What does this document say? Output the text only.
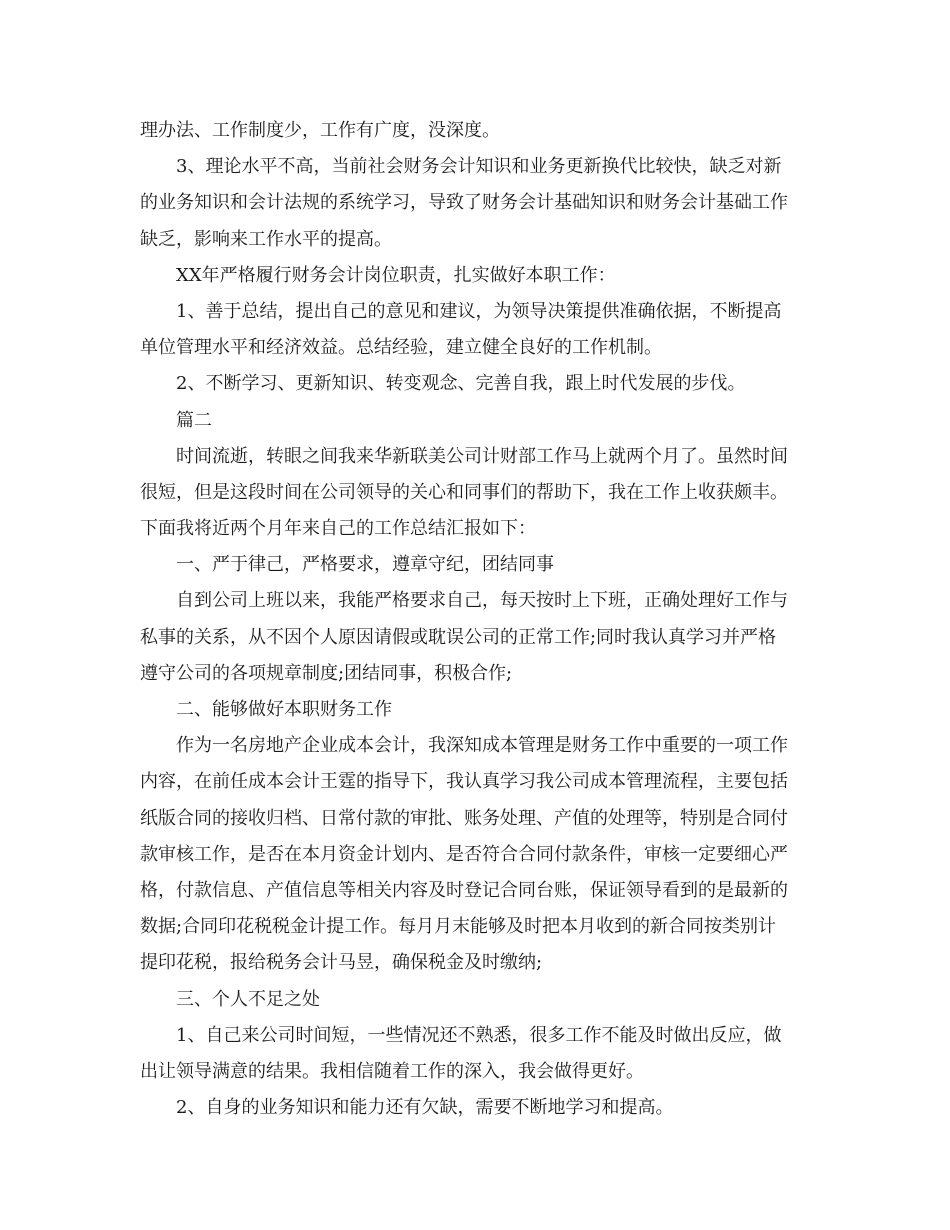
理办法、工作制度少，工作有广度，没深度。
3、理论水平不高，当前社会财务会计知识和业务更新换代比较快，缺乏对新
的业务知识和会计法规的系统学习，导致了财务会计基础知识和财务会计基础工作
缺乏，影响来工作水平的提高。
XX年严格履行财务会计岗位职责，扎实做好本职工作：
1、善于总结，提出自己的意见和建议，为领导决策提供准确依据，不断提高
单位管理水平和经济效益。总结经验，建立健全良好的工作机制。
2、不断学习、更新知识、转变观念、完善自我，跟上时代发展的步伐。
篇二
时间流逝，转眼之间我来华新联美公司计财部工作马上就两个月了。虽然时间
很短，但是这段时间在公司领导的关心和同事们的帮助下，我在工作上收获颇丰。
下面我将近两个月年来自己的工作总结汇报如下：
一、严于律己，严格要求，遵章守纪，团结同事
自到公司上班以来，我能严格要求自己，每天按时上下班，正确处理好工作与
私事的关系，从不因个人原因请假或耽误公司的正常工作;同时我认真学习并严格
遵守公司的各项规章制度;团结同事，积极合作;
二、能够做好本职财务工作
作为一名房地产企业成本会计，我深知成本管理是财务工作中重要的一项工作
内容，在前任成本会计王霆的指导下，我认真学习我公司成本管理流程，主要包括
纸版合同的接收归档、日常付款的审批、账务处理、产值的处理等，特别是合同付
款审核工作，是否在本月资金计划内、是否符合合同付款条件，审核一定要细心严
格，付款信息、产值信息等相关内容及时登记合同台账，保证领导看到的是最新的
数据;合同印花税税金计提工作。每月月末能够及时把本月收到的新合同按类别计
提印花税，报给税务会计马昱，确保税金及时缴纳;
三、个人不足之处
1、自己来公司时间短，一些情况还不熟悉，很多工作不能及时做出反应，做
出让领导满意的结果。我相信随着工作的深入，我会做得更好。
2、自身的业务知识和能力还有欠缺，需要不断地学习和提高。
